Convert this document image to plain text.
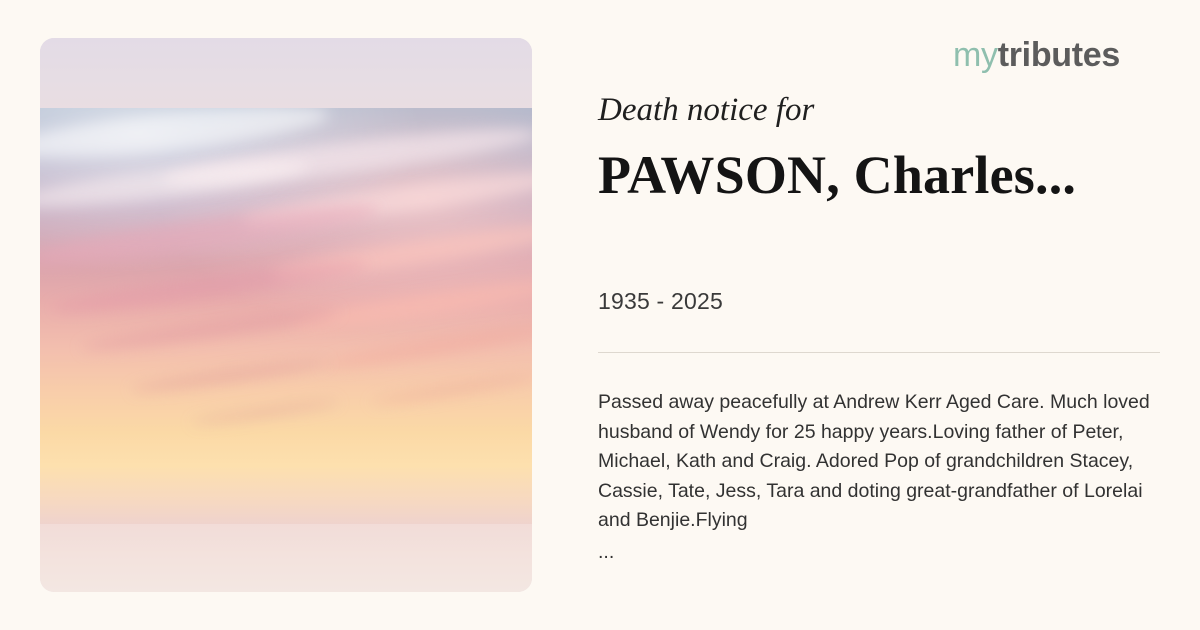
mytributes
Death notice for
PAWSON, Charles...
1935 - 2025

Passed away peacefully at Andrew Kerr Aged Care. Much loved husband of Wendy for 25 happy years.Loving father of Peter, Michael, Kath and Craig. Adored Pop of grandchildren Stacey, Cassie, Tate, Jess, Tara and doting great-grandfather of Lorelai and Benjie.Flying

...
